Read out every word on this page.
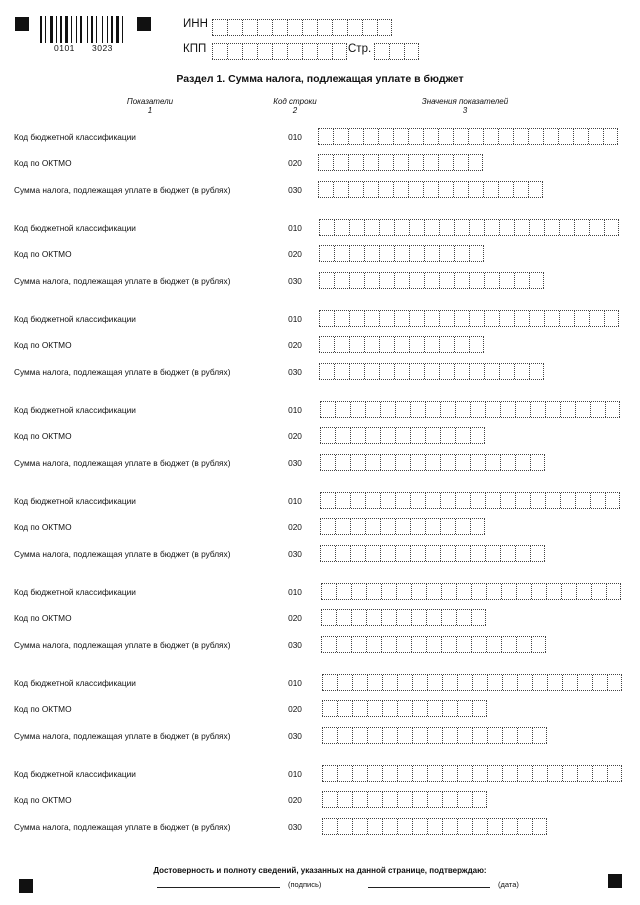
0101 3023
ИНН
КПП	Стр.
Раздел 1. Сумма налога, подлежащая уплате в бюджет
Показатели
1
Код строки
2
Значения показателей
3
Код бюджетной классификации	010
Код по ОКТМО	020
Сумма налога, подлежащая уплате в бюджет (в рублях)	030
Код бюджетной классификации	010
Код по ОКТМО	020
Сумма налога, подлежащая уплате в бюджет (в рублях)	030
Код бюджетной классификации	010
Код по ОКТМО	020
Сумма налога, подлежащая уплате в бюджет (в рублях)	030
Код бюджетной классификации	010
Код по ОКТМО	020
Сумма налога, подлежащая уплате в бюджет (в рублях)	030
Код бюджетной классификации	010
Код по ОКТМО	020
Сумма налога, подлежащая уплате в бюджет (в рублях)	030
Код бюджетной классификации	010
Код по ОКТМО	020
Сумма налога, подлежащая уплате в бюджет (в рублях)	030
Код бюджетной классификации	010
Код по ОКТМО	020
Сумма налога, подлежащая уплате в бюджет (в рублях)	030
Код бюджетной классификации	010
Код по ОКТМО	020
Сумма налога, подлежащая уплате в бюджет (в рублях)	030
Достоверность и полноту сведений, указанных на данной странице, подтверждаю:
(подпись)	(дата)
